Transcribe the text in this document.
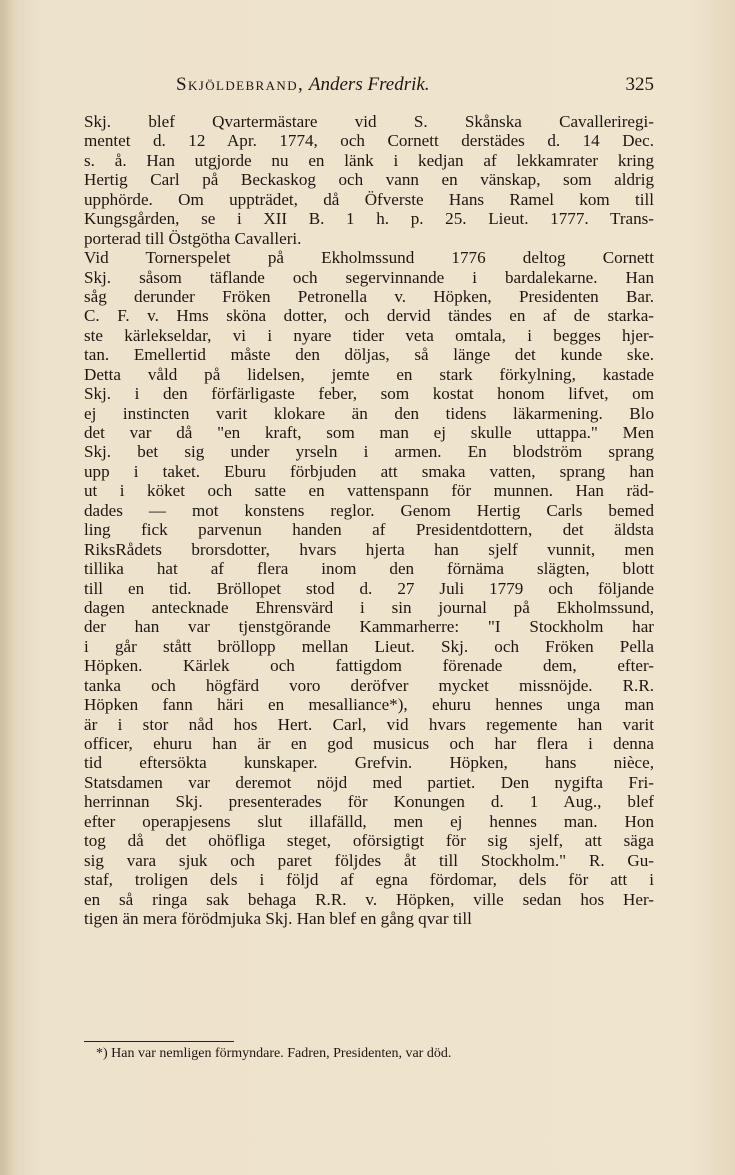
Skjöldebrand, Anders Fredrik.	325
Skj. blef Qvartermästare vid S. Skånska Cavalleriregi-
mentet d. 12 Apr. 1774, och Cornett derstädes d. 14 Dec.
s. å. Han utgjorde nu en länk i kedjan af lekkamrater kring
Hertig Carl på Beckaskog och vann en vänskap, som aldrig
upphörde. Om uppträdet, då Öfverste Hans Ramel kom till
Kungsgården, se i XII B. 1 h. p. 25. Lieut. 1777. Trans-
porterad till Östgötha Cavalleri.
Vid Tornerspelet på Ekholmssund 1776 deltog Cornett
Skj. såsom täflande och segervinnande i bardalekarne. Han
såg derunder Fröken Petronella v. Höpken, Presidenten Bar.
C. F. v. Hms sköna dotter, och dervid tändes en af de starka-
ste kärlekseldar, vi i nyare tider veta omtala, i begges hjer-
tan. Emellertid måste den döljas, så länge det kunde ske.
Detta våld på lidelsen, jemte en stark förkylning, kastade
Skj. i den förfärligaste feber, som kostat honom lifvet, om
ej instincten varit klokare än den tidens läkarmening. Blo
det var då "en kraft, som man ej skulle uttappa." Men
Skj. bet sig under yrseln i armen. En blodström sprang
upp i taket. Eburu förbjuden att smaka vatten, sprang han
ut i köket och satte en vattenspann för munnen. Han räd-
dades — mot konstens reglor. Genom Hertig Carls bemed
ling fick parvenun handen af Presidentdottern, det äldsta
RiksRådets brorsdotter, hvars hjerta han sjelf vunnit, men
tillika hat af flera inom den förnäma slägten, blott
till en tid. Bröllopet stod d. 27 Juli 1779 och följande
dagen antecknade Ehrensvärd i sin journal på Ekholmssund,
der han var tjenstgörande Kammarherre: "I Stockholm har
i går stått bröllopp mellan Lieut. Skj. och Fröken Pella
Höpken. Kärlek och fattigdom förenade dem, efter-
tanka och högfärd voro deröfver mycket missnöjde. R.R.
Höpken fann häri en mesalliance*), ehuru hennes unga man
är i stor nåd hos Hert. Carl, vid hvars regemente han varit
officer, ehuru han är en god musicus och har flera i denna
tid eftersökta kunskaper. Grefvin. Höpken, hans nièce,
Statsdamen var deremot nöjd med partiet. Den nygifta Fri-
herrinnan Skj. presenterades för Konungen d. 1 Aug., blef
efter operapjesens slut illafälld, men ej hennes man. Hon
tog då det ohöfliga steget, oförsigtigt för sig sjelf, att säga
sig vara sjuk och paret följdes åt till Stockholm." R. Gu-
staf, troligen dels i följd af egna fördomar, dels för att i
en så ringa sak behaga R.R. v. Höpken, ville sedan hos Her-
tigen än mera förödmjuka Skj. Han blef en gång qvar till
*) Han var nemligen förmyndare. Fadren, Presidenten, var död.
